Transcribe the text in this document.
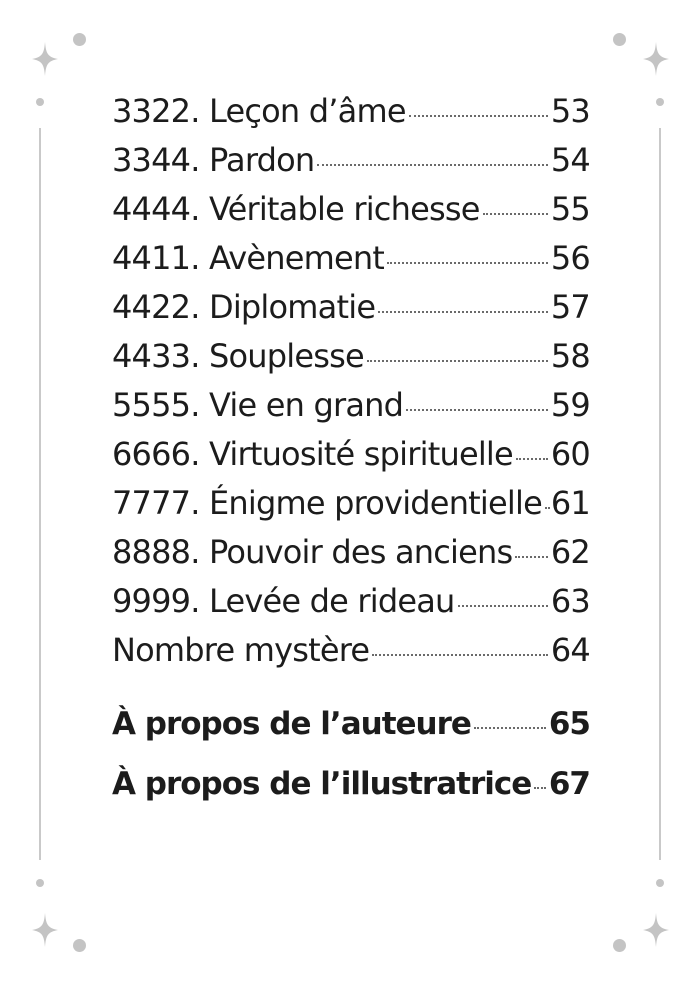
3322. Leçon d’âme	53
3344. Pardon	54
4444. Véritable richesse 55
4411. Avènement	56
4422. Diplomatie	57
4433. Souplesse	58
5555. Vie en grand	59
6666. Virtuosité spirituelle 60
7777. Énigme providentielle 61
8888. Pouvoir des anciens 62
9999. Levée de rideau	63
Nombre mystère	64
À propos de l’auteure	65
À propos de l’illustratrice 67
